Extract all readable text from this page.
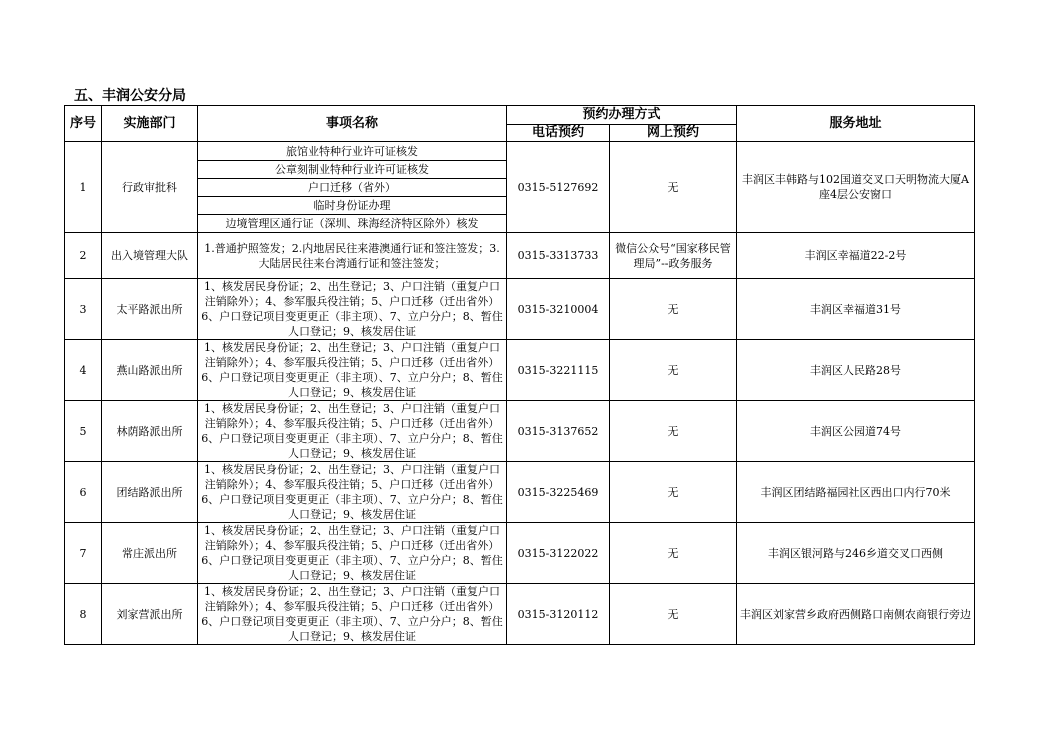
五、丰润公安分局
序号	实施部门	事项名称	预约办理方式		服务地址
			电话预约	网上预约	
1	行政审批科	旅馆业特种行业许可证核发
公章刻制业特种行业许可证核发
户口迁移（省外）
临时身份证办理
边境管理区通行证（深圳、珠海经济特区除外）核发	0315-5127692	无	丰润区丰韩路与102国道交叉口天明物流大厦A座4层公安窗口
2	出入境管理大队	1.普通护照签发；2.内地居民往来港澳通行证和签注签发；3.大陆居民往来台湾通行证和签注签发；	0315-3313733	微信公众号“国家移民管理局”--政务服务	丰润区幸福道22-2号
3	太平路派出所	1、核发居民身份证；2、出生登记；3、户口注销（重复户口注销除外）；4、参军服兵役注销；5、户口迁移（迁出省外）6、户口登记项目变更更正（非主项）、7、立户分户；8、暂住人口登记；9、核发居住证	0315-3210004	无	丰润区幸福道31号
4	燕山路派出所	1、核发居民身份证；2、出生登记；3、户口注销（重复户口注销除外）；4、参军服兵役注销；5、户口迁移（迁出省外）6、户口登记项目变更更正（非主项）、7、立户分户；8、暂住人口登记；9、核发居住证	0315-3221115	无	丰润区人民路28号
5	林荫路派出所	1、核发居民身份证；2、出生登记；3、户口注销（重复户口注销除外）；4、参军服兵役注销；5、户口迁移（迁出省外）6、户口登记项目变更更正（非主项）、7、立户分户；8、暂住人口登记；9、核发居住证	0315-3137652	无	丰润区公园道74号
6	团结路派出所	1、核发居民身份证；2、出生登记；3、户口注销（重复户口注销除外）；4、参军服兵役注销；5、户口迁移（迁出省外）6、户口登记项目变更更正（非主项）、7、立户分户；8、暂住人口登记；9、核发居住证	0315-3225469	无	丰润区团结路福园社区西出口内行70米
7	常庄派出所	1、核发居民身份证；2、出生登记；3、户口注销（重复户口注销除外）；4、参军服兵役注销；5、户口迁移（迁出省外）6、户口登记项目变更更正（非主项）、7、立户分户；8、暂住人口登记；9、核发居住证	0315-3122022	无	丰润区银河路与246乡道交叉口西侧
8	刘家营派出所	1、核发居民身份证；2、出生登记；3、户口注销（重复户口注销除外）；4、参军服兵役注销；5、户口迁移（迁出省外）6、户口登记项目变更更正（非主项）、7、立户分户；8、暂住人口登记；9、核发居住证	0315-3120112	无	丰润区刘家营乡政府西侧路口南侧农商银行旁边
